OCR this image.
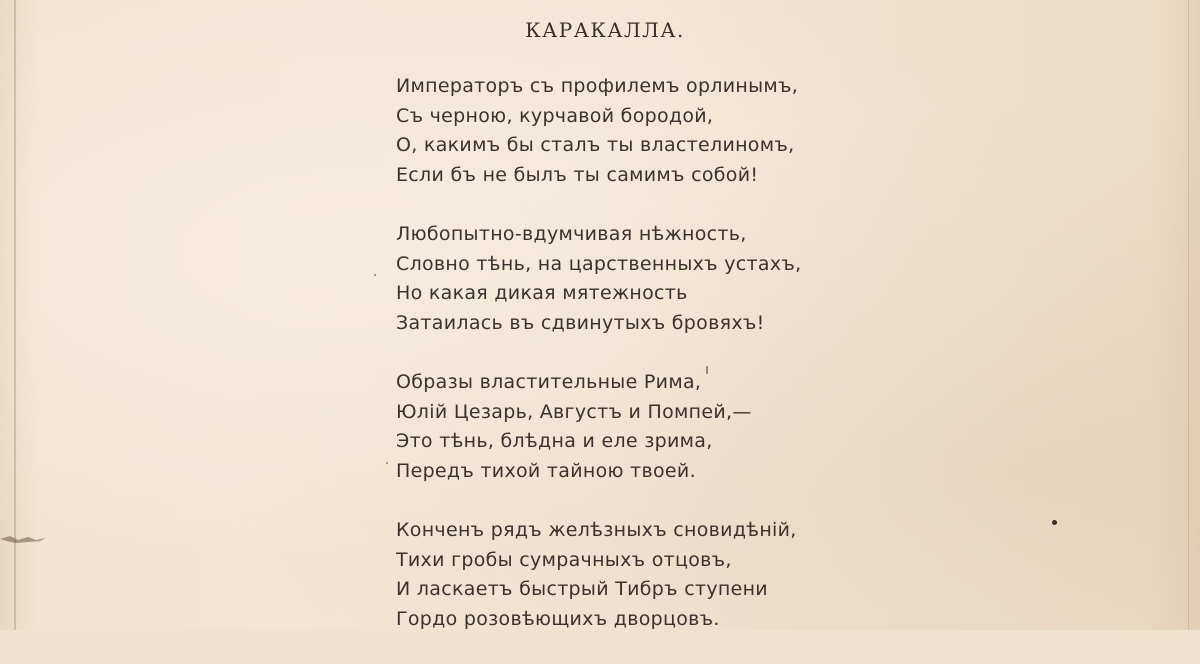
КАРАКАЛЛА.
Императоръ съ профилемъ орлинымъ,
Съ черною, курчавой бородой,
О, какимъ бы сталъ ты властелиномъ,
Если бъ не былъ ты самимъ собой!
Любопытно-вдумчивая нѣжность,
Словно тѣнь, на царственныхъ устахъ,
Но какая дикая мятежность
Затаилась въ сдвинутыхъ бровяхъ!
Образы властительные Рима,
Юлій Цезарь, Августъ и Помпей,—
Это тѣнь, блѣдна и еле зрима,
Передъ тихой тайною твоей.
Конченъ рядъ желѣзныхъ сновидѣній,
Тихи гробы сумрачныхъ отцовъ,
И ласкаетъ быстрый Тибръ ступени
Гордо розовѣющихъ дворцовъ.
